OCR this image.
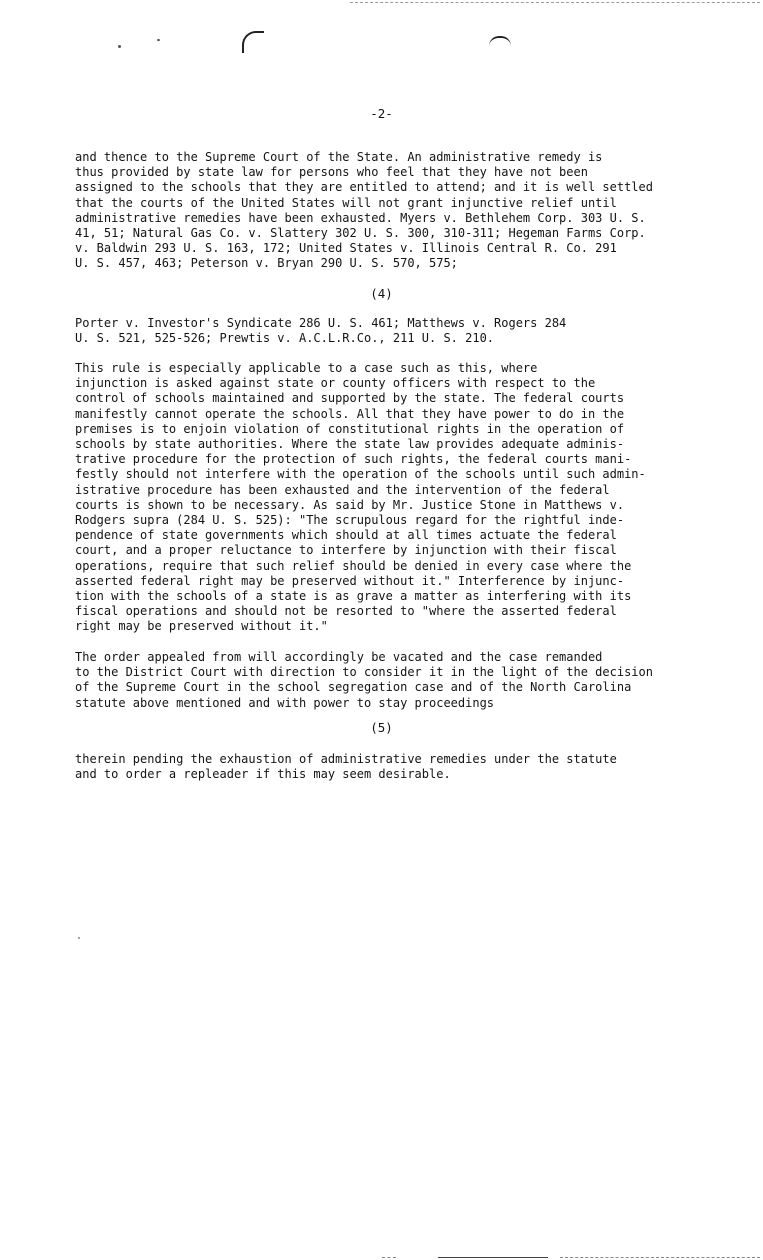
-2-

and thence to the Supreme Court of the State. An administrative remedy is
thus provided by state law for persons who feel that they have not been
assigned to the schools that they are entitled to attend; and it is well settled
that the courts of the United States will not grant injunctive relief until
administrative remedies have been exhausted. Myers v. Bethlehem Corp. 303 U. S.
41, 51; Natural Gas Co. v. Slattery 302 U. S. 300, 310-311; Hegeman Farms Corp.
v. Baldwin 293 U. S. 163, 172; United States v. Illinois Central R. Co. 291
U. S. 457, 463; Peterson v. Bryan 290 U. S. 570, 575;

(4)

Porter v. Investor's Syndicate 286 U. S. 461; Matthews v. Rogers 284
U. S. 521, 525-526; Prewtis v. A.C.L.R.Co., 211 U. S. 210.

This rule is especially applicable to a case such as this, where
injunction is asked against state or county officers with respect to the
control of schools maintained and supported by the state. The federal courts
manifestly cannot operate the schools. All that they have power to do in the
premises is to enjoin violation of constitutional rights in the operation of
schools by state authorities. Where the state law provides adequate adminis-
trative procedure for the protection of such rights, the federal courts mani-
festly should not interfere with the operation of the schools until such admin-
istrative procedure has been exhausted and the intervention of the federal
courts is shown to be necessary. As said by Mr. Justice Stone in Matthews v.
Rodgers supra (284 U. S. 525): "The scrupulous regard for the rightful inde-
pendence of state governments which should at all times actuate the federal
court, and a proper reluctance to interfere by injunction with their fiscal
operations, require that such relief should be denied in every case where the
asserted federal right may be preserved without it." Interference by injunc-
tion with the schools of a state is as grave a matter as interfering with its
fiscal operations and should not be resorted to "where the asserted federal
right may be preserved without it."

The order appealed from will accordingly be vacated and the case remanded
to the District Court with direction to consider it in the light of the decision
of the Supreme Court in the school segregation case and of the North Carolina
statute above mentioned and with power to stay proceedings

(5)

therein pending the exhaustion of administrative remedies under the statute
and to order a repleader if this may seem desirable.
